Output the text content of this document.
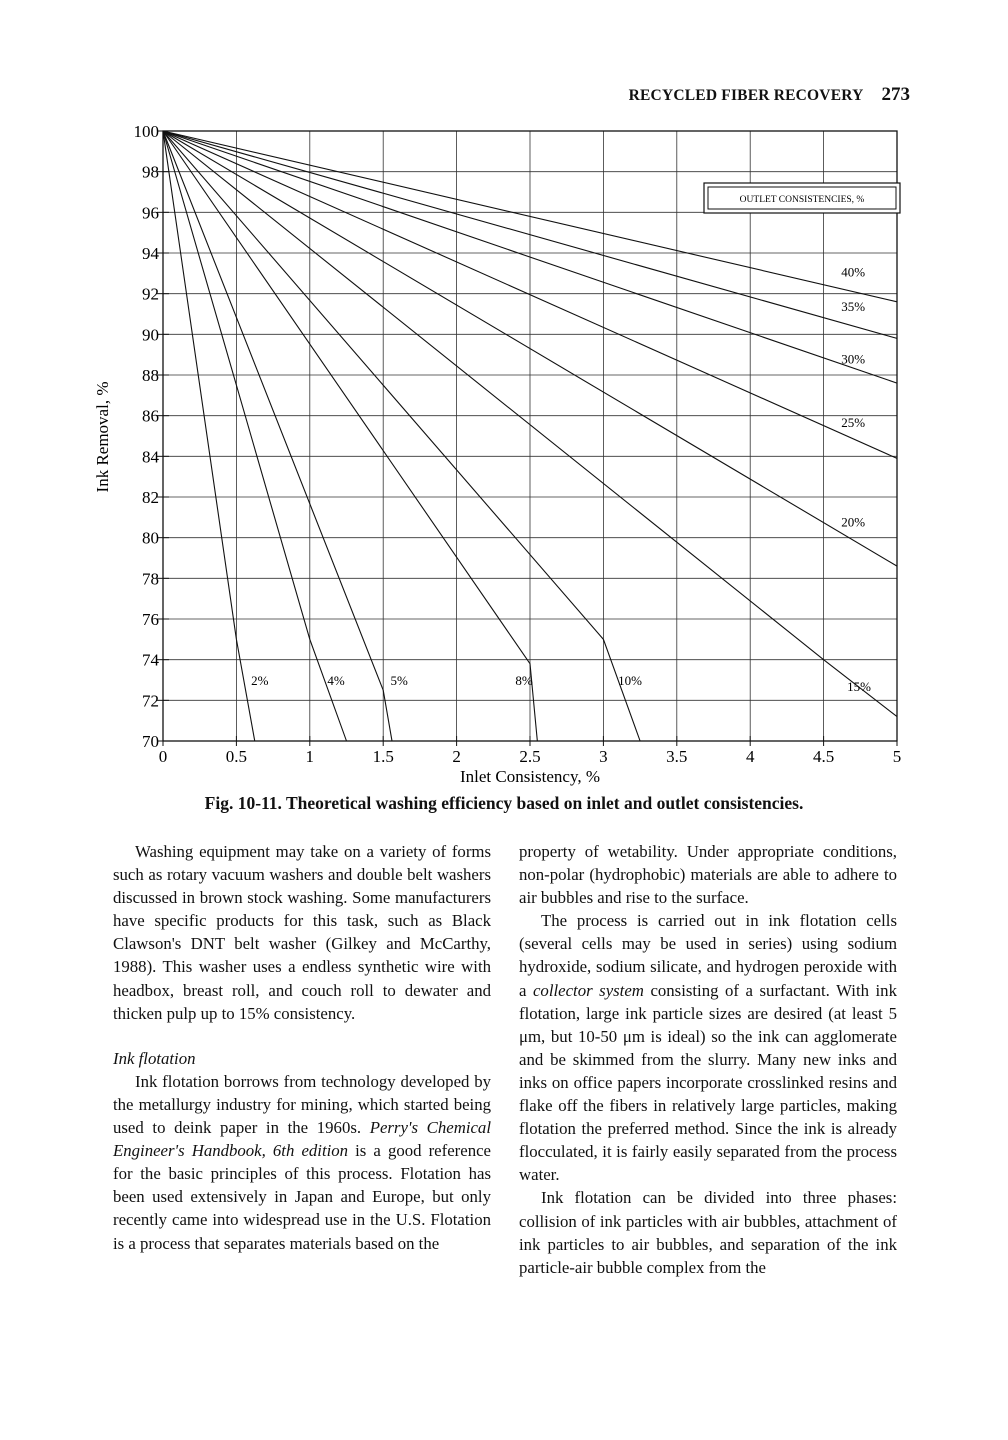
RECYCLED FIBER RECOVERY 273
0	0.5	1	1.5	2	2.5	3	3.5	4	4.5	5
100
98
96
94
92
90
88
86
84
82
80
78
76
74
72
70
2%	4%	5%	8%	10%	15%
20%
25%
30%
35%
40%
OUTLET CONSISTENCIES, %
Inlet Consistency, %
Ink Removal, %
Fig. 10-11. Theoretical washing efficiency based on inlet and outlet consistencies.

Washing equipment may take on a variety of forms such as rotary vacuum washers and double belt washers discussed in brown stock washing. Some manufacturers have specific products for this task, such as Black Clawson's DNT belt washer (Gilkey and McCarthy, 1988). This washer uses a endless synthetic wire with headbox, breast roll, and couch roll to dewater and thicken pulp up to 15% consistency.

Ink flotation

Ink flotation borrows from technology developed by the metallurgy industry for mining, which started being used to deink paper in the 1960s. Perry's Chemical Engineer's Handbook, 6th edition is a good reference for the basic principles of this process. Flotation has been used extensively in Japan and Europe, but only recently came into widespread use in the U.S. Flotation is a process that separates materials based on the

property of wetability. Under appropriate conditions, non-polar (hydrophobic) materials are able to adhere to air bubbles and rise to the surface.

The process is carried out in ink flotation cells (several cells may be used in series) using sodium hydroxide, sodium silicate, and hydrogen peroxide with a collector system consisting of a surfactant. With ink flotation, large ink particle sizes are desired (at least 5 μm, but 10-50 μm is ideal) so the ink can agglomerate and be skimmed from the slurry. Many new inks and inks on office papers incorporate crosslinked resins and flake off the fibers in relatively large particles, making flotation the preferred method. Since the ink is already flocculated, it is fairly easily separated from the process water.

Ink flotation can be divided into three phases: collision of ink particles with air bubbles, attachment of ink particles to air bubbles, and separation of the ink particle-air bubble complex from the
